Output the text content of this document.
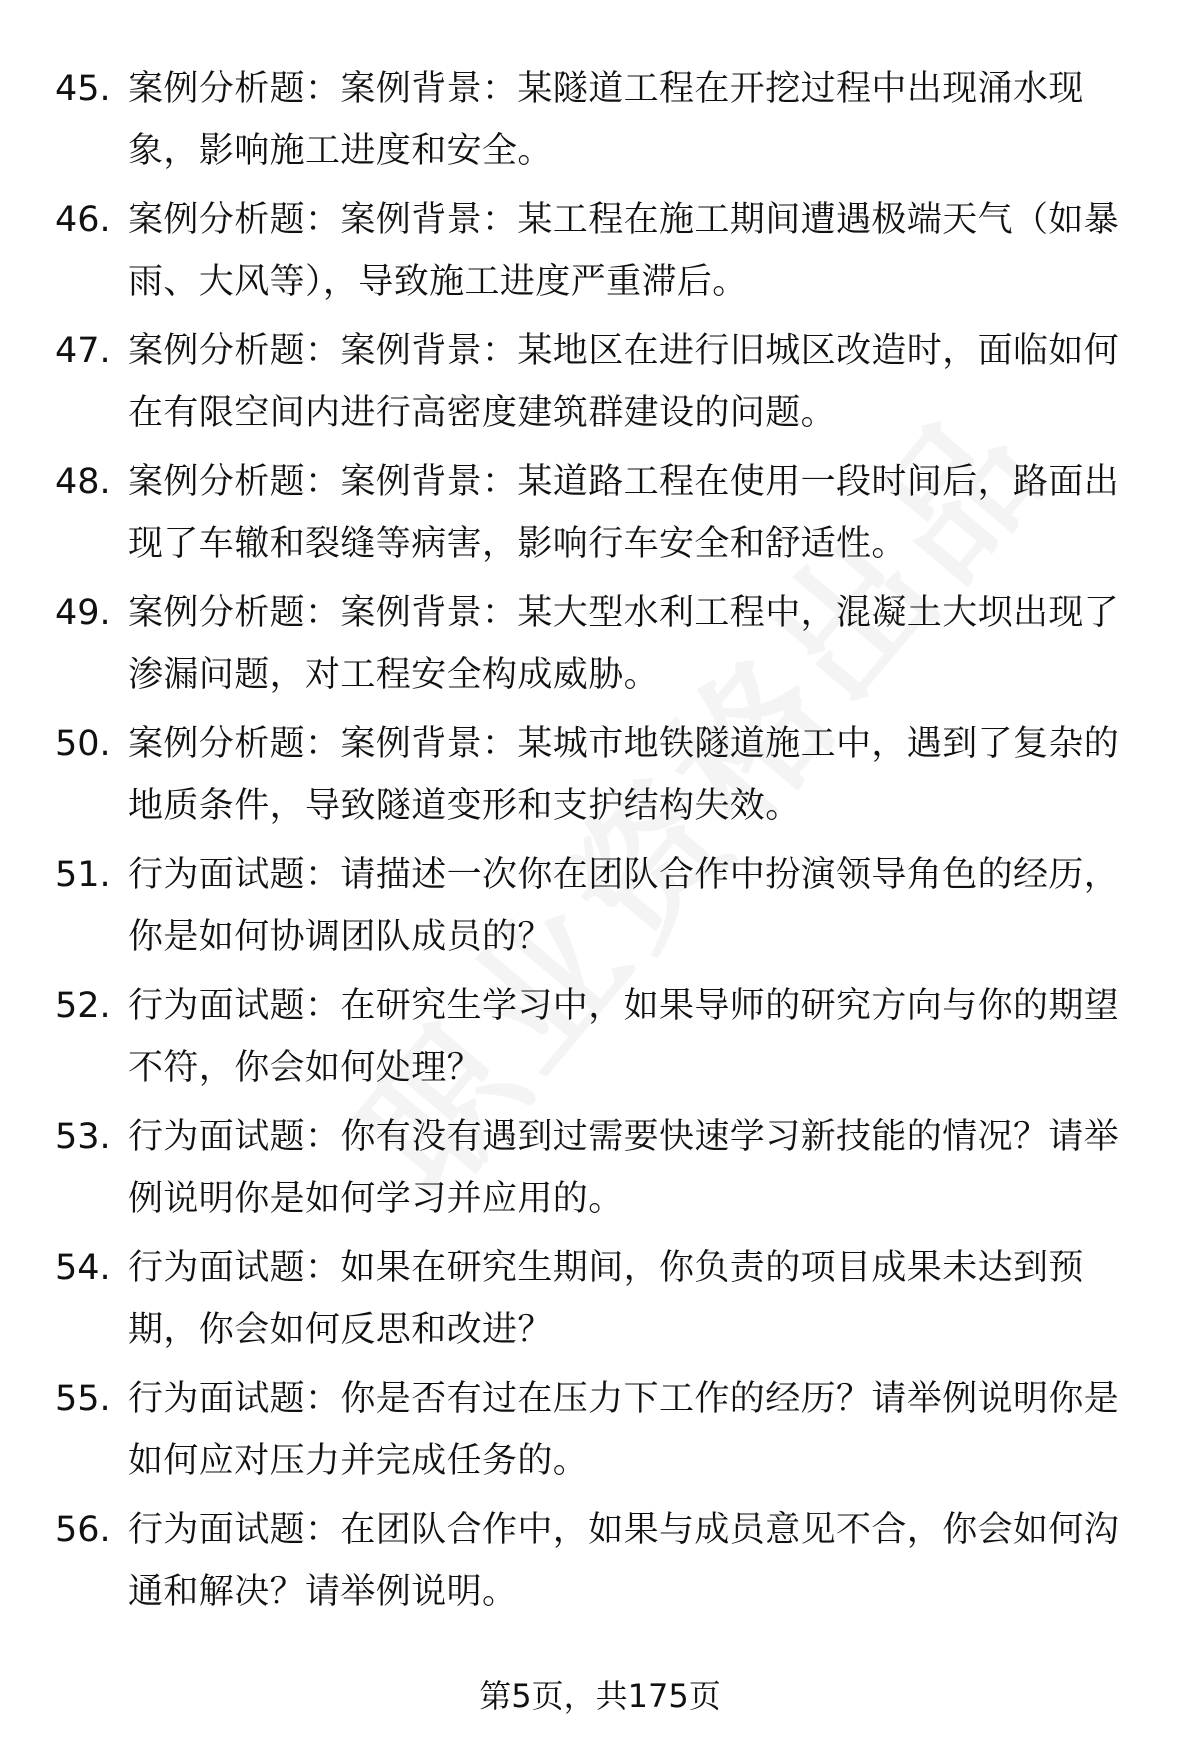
45. 案例分析题：案例背景：某隧道工程在开挖过程中出现涌水现象，影响施工进度和安全。
46. 案例分析题：案例背景：某工程在施工期间遭遇极端天气（如暴雨、大风等），导致施工进度严重滞后。
47. 案例分析题：案例背景：某地区在进行旧城区改造时，面临如何在有限空间内进行高密度建筑群建设的问题。
48. 案例分析题：案例背景：某道路工程在使用一段时间后，路面出现了车辙和裂缝等病害，影响行车安全和舒适性。
49. 案例分析题：案例背景：某大型水利工程中，混凝土大坝出现了渗漏问题，对工程安全构成威胁。
50. 案例分析题：案例背景：某城市地铁隧道施工中，遇到了复杂的地质条件，导致隧道变形和支护结构失效。
51. 行为面试题：请描述一次你在团队合作中扮演领导角色的经历，你是如何协调团队成员的？
52. 行为面试题：在研究生学习中，如果导师的研究方向与你的期望不符，你会如何处理？
53. 行为面试题：你有没有遇到过需要快速学习新技能的情况？请举例说明你是如何学习并应用的。
54. 行为面试题：如果在研究生期间，你负责的项目成果未达到预期，你会如何反思和改进？
55. 行为面试题：你是否有过在压力下工作的经历？请举例说明你是如何应对压力并完成任务的。
56. 行为面试题：在团队合作中，如果与成员意见不合，你会如何沟通和解决？请举例说明。
第5页，共175页
